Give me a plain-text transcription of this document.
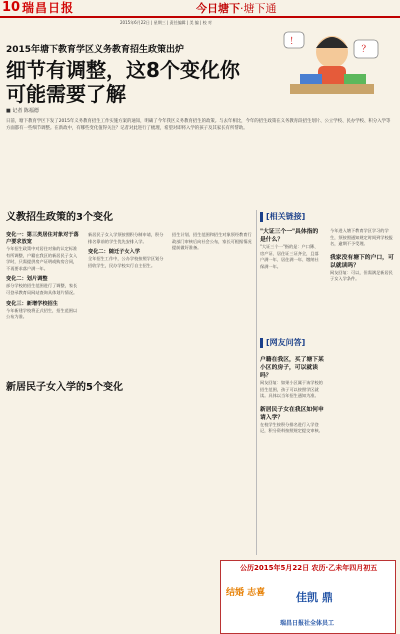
10 瑞昌日报	今日塘下·塘下通
2015年6月22日 | 星期三 | 责任编辑 | 美 编 | 校 对
？
！
2015年塘下教育学区义务教育招生政策出炉
细节有调整，这8个变化你可能需要了解
■ 记者 陈福德
日前，塘下教育学区下发了2015年义务教育招生工作实施方案的通知，明确了今年我区义务教育招生的政策。与去年相比，今年的招生政策在义务教育段招生划片、公立学校、民办学校、积分入学等方面都有一些细节调整。在新政中，有哪些变化值得关注？记者对此进行了梳理，希望对即将入学的孩子及其家长有所帮助。
义教招生政策的3个变化	[相关链接]
变化一：第三类居住对象对于落户要求放宽
今年招生政策中对居住对象的认定标准有所调整，户籍在我区的新居民子女入学时，只需提供房产证明或购房合同，不再要求落户满一年。
变化二：划片调整
部分学校的招生范围进行了调整，家长可登录教育局网站查询具体划片情况。
变化三：新增学校招生
今年新建学校将正式招生，招生范围以公布为准。
新居民子女入学须按照积分制申请，积分排名靠前的学生优先安排入学。
变化二：随迁子女入学
全年招生工作中，公办学校按照学区划分招收学生，民办学校实行自主招生。
招生计划、招生范围和招生对象须经教育行政部门审核后向社会公布，家长可根据情况提前做好准备。
"大证三个一"具体指的是什么？
"大证三个一"指的是：户口簿、房产证、居住证三证齐全，且落户满一年、居住满一年、缴纳社保满一年。
今年进入塘下教育学区学习的学生，须按照通知规定时间到学校报名，逾期不予受理。
我家没有塘下的户口，可以就读吗？
网友回复：可以，但需满足新居民子女入学条件。
新居民子女入学的5个变化
[网友问答]
户籍在我区，买了塘下某小区的房子，可以就读吗？
网友回复：如果小区属于该学校的招生范围，孩子可以按照学区就读。具体以当年招生通知为准。
新居民子女在我区如何申请入学？
在校学生按积分排名进行入学登记，积分资料按照规定提交审核。
公历2015年5月22日 农历·乙未年四月初五
结婚 志喜	佳凯 鼎
瑞昌日报社全体员工
